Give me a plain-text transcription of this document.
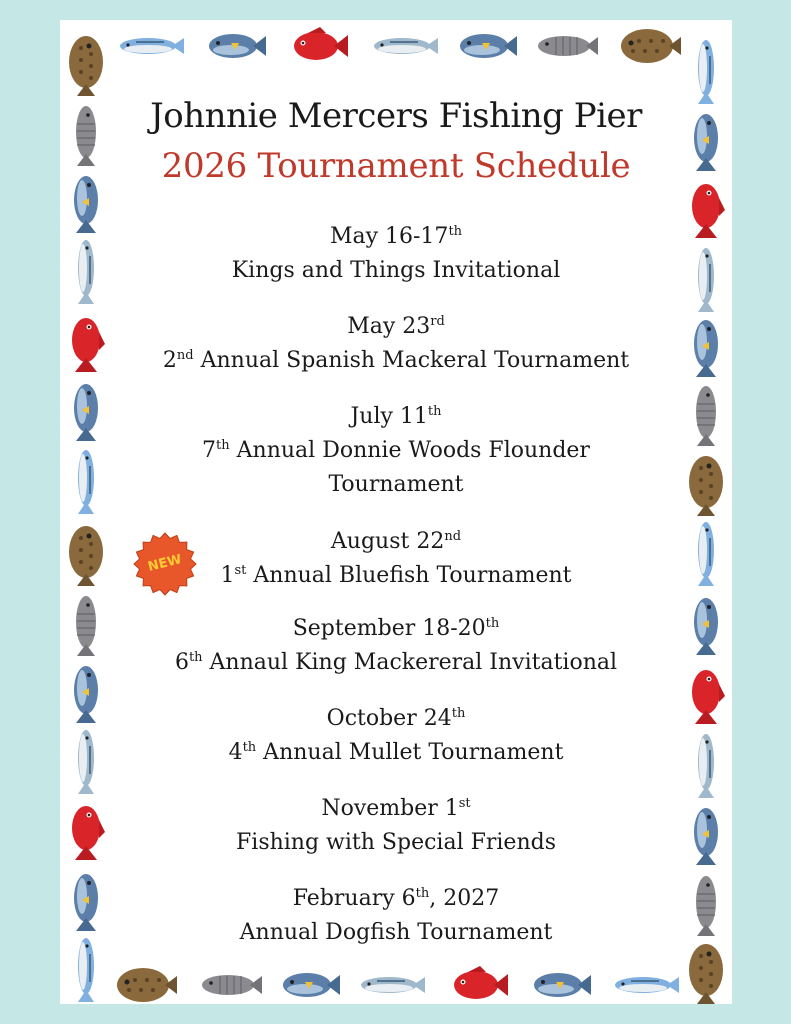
Johnnie Mercers Fishing Pier
2026 Tournament Schedule
May 16-17th
Kings and Things Invitational
May 23rd
2nd Annual Spanish Mackeral Tournament
July 11th
7th Annual Donnie Woods Flounder
Tournament
August 22nd
1st Annual Bluefish Tournament
September 18-20th
6th Annaul King Mackereral Invitational
October 24th
4th Annual Mullet Tournament
November 1st
Fishing with Special Friends
February 6th, 2027
Annual Dogfish Tournament
NEW
